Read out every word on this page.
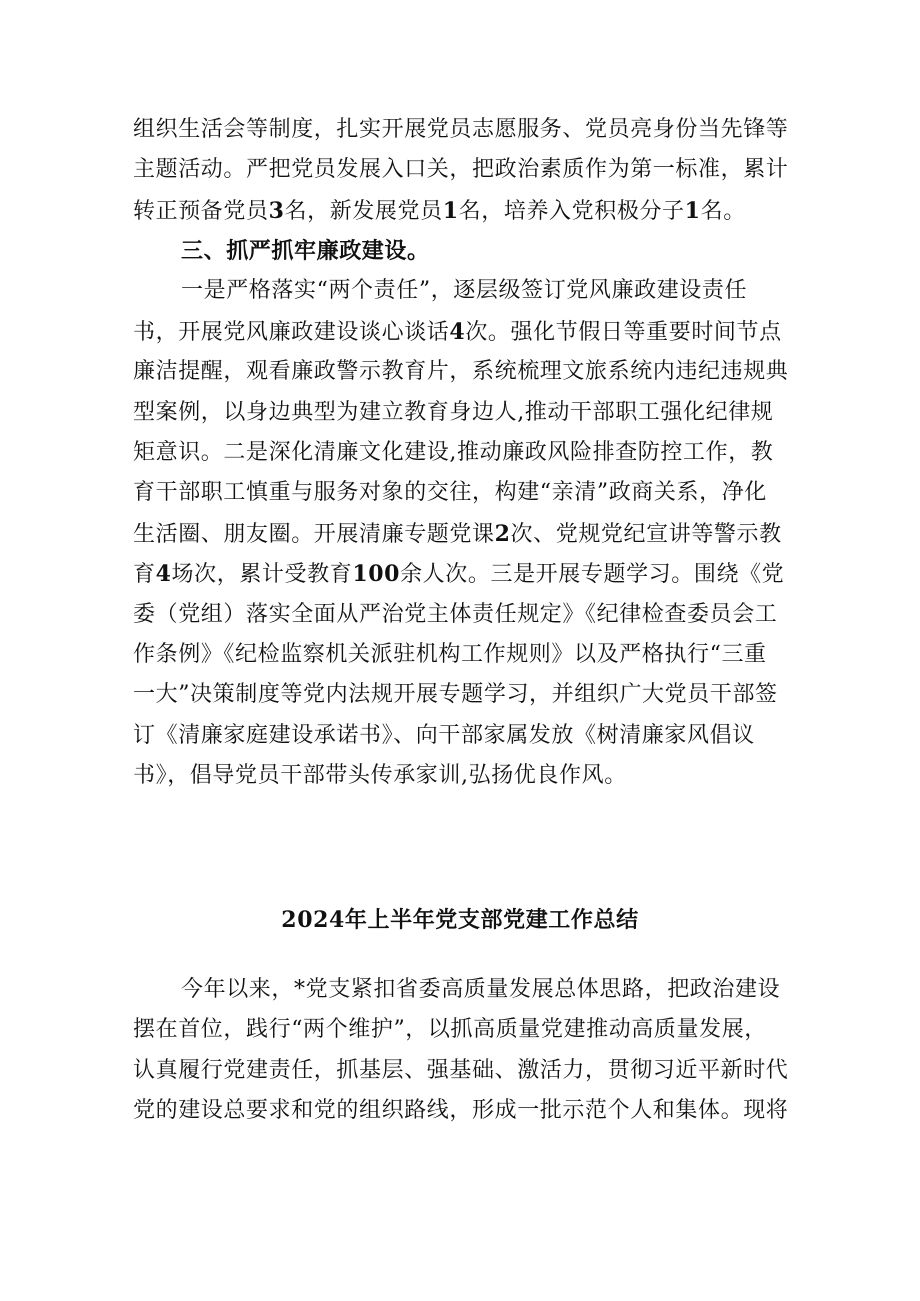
组织生活会等制度，扎实开展党员志愿服务、党员亮身份当先锋等
主题活动。严把党员发展入口关，把政治素质作为第一标准，累计
转正预备党员3名，新发展党员1名，培养入党积极分子1名。
三、抓严抓牢廉政建设。
一是严格落实“两个责任”，逐层级签订党风廉政建设责任
书，开展党风廉政建设谈心谈话4次。强化节假日等重要时间节点
廉洁提醒，观看廉政警示教育片，系统梳理文旅系统内违纪违规典
型案例，以身边典型为建立教育身边人,推动干部职工强化纪律规
矩意识。二是深化清廉文化建设,推动廉政风险排查防控工作，教
育干部职工慎重与服务对象的交往，构建“亲清”政商关系，净化
生活圈、朋友圈。开展清廉专题党课2次、党规党纪宣讲等警示教
育4场次，累计受教育100余人次。三是开展专题学习。围绕《党
委（党组）落实全面从严治党主体责任规定》《纪律检查委员会工
作条例》《纪检监察机关派驻机构工作规则》以及严格执行“三重
一大”决策制度等党内法规开展专题学习，并组织广大党员干部签
订《清廉家庭建设承诺书》、向干部家属发放《树清廉家风倡议
书》，倡导党员干部带头传承家训,弘扬优良作风。
2024年上半年党支部党建工作总结
今年以来，*党支紧扣省委高质量发展总体思路，把政治建设
摆在首位，践行“两个维护”，以抓高质量党建推动高质量发展，
认真履行党建责任，抓基层、强基础、激活力，贯彻习近平新时代
党的建设总要求和党的组织路线，形成一批示范个人和集体。现将
